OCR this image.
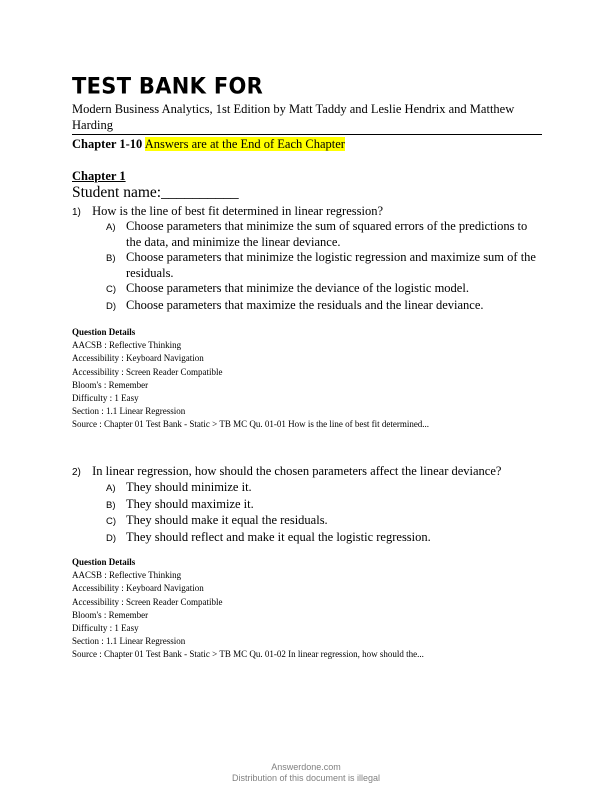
TEST BANK FOR
Modern Business Analytics, 1st Edition by Matt Taddy and Leslie Hendrix and Matthew Harding
Chapter 1-10 Answers are at the End of Each Chapter
Chapter 1
Student name:__________
1) How is the line of best fit determined in linear regression?
A) Choose parameters that minimize the sum of squared errors of the predictions to the data, and minimize the linear deviance.
B) Choose parameters that minimize the logistic regression and maximize sum of the residuals.
C) Choose parameters that minimize the deviance of the logistic model.
D) Choose parameters that maximize the residuals and the linear deviance.
Question Details
AACSB : Reflective Thinking
Accessibility : Keyboard Navigation
Accessibility : Screen Reader Compatible
Bloom's : Remember
Difficulty : 1 Easy
Section : 1.1 Linear Regression
Source : Chapter 01 Test Bank - Static > TB MC Qu. 01-01 How is the line of best fit determined...
2) In linear regression, how should the chosen parameters affect the linear deviance?
A) They should minimize it.
B) They should maximize it.
C) They should make it equal the residuals.
D) They should reflect and make it equal the logistic regression.
Question Details
AACSB : Reflective Thinking
Accessibility : Keyboard Navigation
Accessibility : Screen Reader Compatible
Bloom's : Remember
Difficulty : 1 Easy
Section : 1.1 Linear Regression
Source : Chapter 01 Test Bank - Static > TB MC Qu. 01-02 In linear regression, how should the...
Answerdone.com
Distribution of this document is illegal
